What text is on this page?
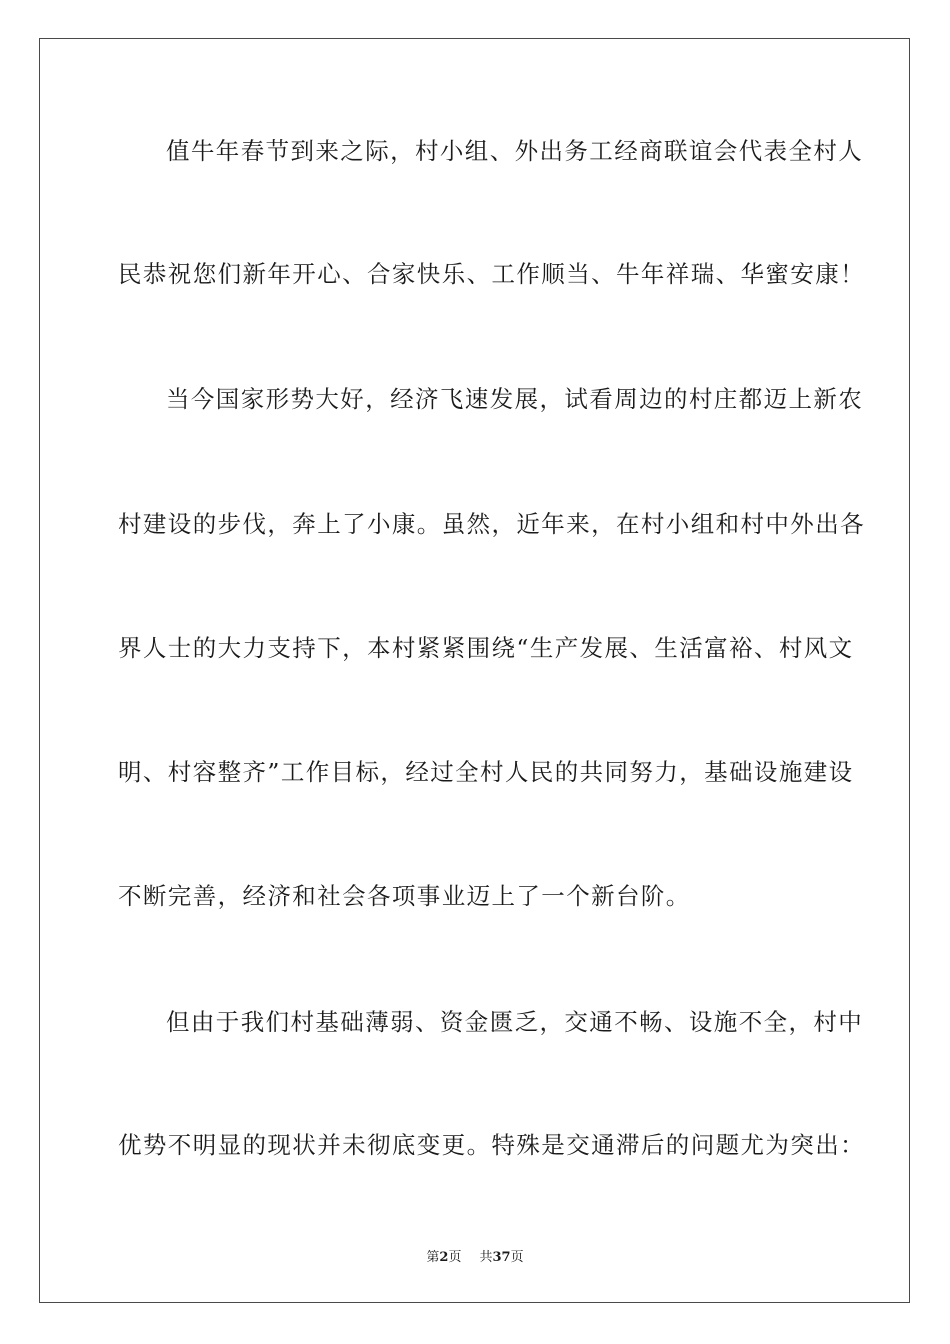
值牛年春节到来之际，村小组、外出务工经商联谊会代表全村人
民恭祝您们新年开心、合家快乐、工作顺当、牛年祥瑞、华蜜安康！
当今国家形势大好，经济飞速发展，试看周边的村庄都迈上新农
村建设的步伐，奔上了小康。虽然，近年来，在村小组和村中外出各
界人士的大力支持下，本村紧紧围绕“生产发展、生活富裕、村风文
明、村容整齐”工作目标，经过全村人民的共同努力，基础设施建设
不断完善，经济和社会各项事业迈上了一个新台阶。
但由于我们村基础薄弱、资金匮乏，交通不畅、设施不全，村中
优势不明显的现状并未彻底变更。特殊是交通滞后的问题尤为突出：
第2页 共37页
